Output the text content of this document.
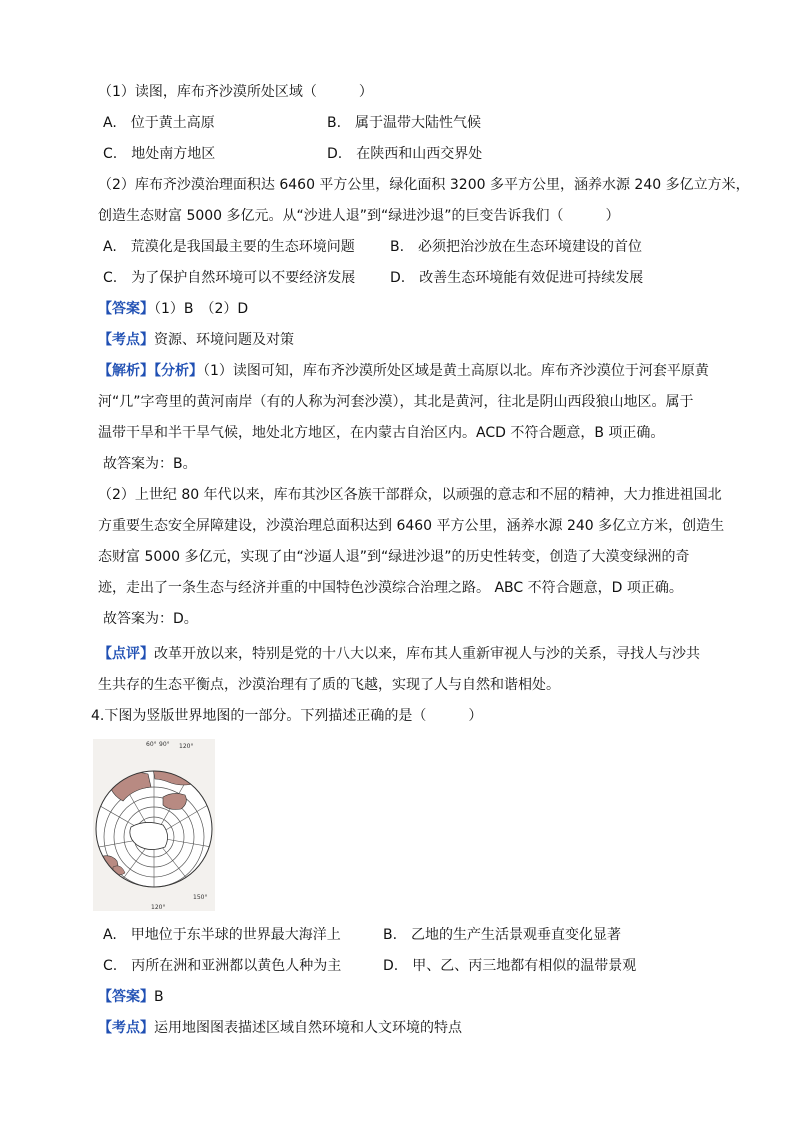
（1）读图，库布齐沙漠所处区域（　　　）
A.　位于黄土高原	B.　属于温带大陆性气候
C.　地处南方地区	D.　在陕西和山西交界处
（2）库布齐沙漠治理面积达 6460 平方公里，绿化面积 3200 多平方公里，涵养水源 240 多亿立方米，
创造生态财富 5000 多亿元。从“沙进人退”到“绿进沙退”的巨变告诉我们（　　　）
A.　荒漠化是我国最主要的生态环境问题	B.　必须把治沙放在生态环境建设的首位
C.　为了保护自然环境可以不要经济发展 D.　改善生态环境能有效促进可持续发展
【答案】（1）B　（2）D
【考点】资源、环境问题及对策
【解析】【分析】（1）读图可知，库布齐沙漠所处区域是黄土高原以北。库布齐沙漠位于河套平原黄
河“几”字弯里的黄河南岸（有的人称为河套沙漠），其北是黄河，往北是阴山西段狼山地区。属于
温带干旱和半干旱气候，地处北方地区，在内蒙古自治区内。ACD 不符合题意，B 项正确。
故答案为：B。
（2）上世纪 80 年代以来，库布其沙区各族干部群众，以顽强的意志和不屈的精神，大力推进祖国北
方重要生态安全屏障建设，沙漠治理总面积达到 6460 平方公里，涵养水源 240 多亿立方米，创造生
态财富 5000 多亿元，实现了由“沙逼人退”到“绿进沙退”的历史性转变，创造了大漠变绿洲的奇
迹，走出了一条生态与经济并重的中国特色沙漠综合治理之路。 ABC 不符合题意，D 项正确。
故答案为：D。
【点评】改革开放以来，特别是党的十八大以来，库布其人重新审视人与沙的关系，寻找人与沙共
生共存的生态平衡点，沙漠治理有了质的飞越，实现了人与自然和谐相处。
4.下图为竖版世界地图的一部分。下列描述正确的是（　　　）
60° 90° 120°
150°
120°
A.　甲地位于东半球的世界最大海洋上	B.　乙地的生产生活景观垂直变化显著
C.　丙所在洲和亚洲都以黄色人种为主	D.　甲、乙、丙三地都有相似的温带景观
【答案】B
【考点】运用地图图表描述区域自然环境和人文环境的特点
